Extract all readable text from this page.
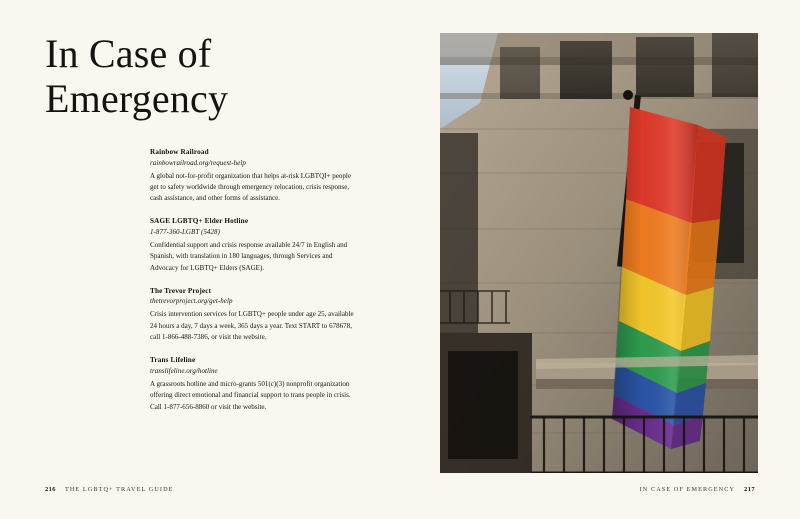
In Case of
Emergency
Rainbow Railroad
rainbowrailroad.org/request-help
A global not-for-profit organization that helps at-risk LGBTQI+ people get to safety worldwide through emergency relocation, crisis response, cash assistance, and other forms of assistance.
SAGE LGBTQ+ Elder Hotline
1-877-360-LGBT (5428)
Confidential support and crisis response available 24/7 in English and Spanish, with translation in 180 languages, through Services and Advocacy for LGBTQ+ Elders (SAGE).
The Trevor Project
thetrevorproject.org/get-help
Crisis intervention services for LGBTQ+ people under age 25, available 24 hours a day, 7 days a week, 365 days a year. Text START to 678678, call 1-866-488-7386, or visit the website.
Trans Lifeline
translifeline.org/hotline
A grassroots hotline and micro-grants 501(c)(3) nonprofit organization offering direct emotional and financial support to trans people in crisis. Call 1-877-656-8860 or visit the website.
216 THE LGBTQ+ TRAVEL GUIDE	IN CASE OF EMERGENCY 217
